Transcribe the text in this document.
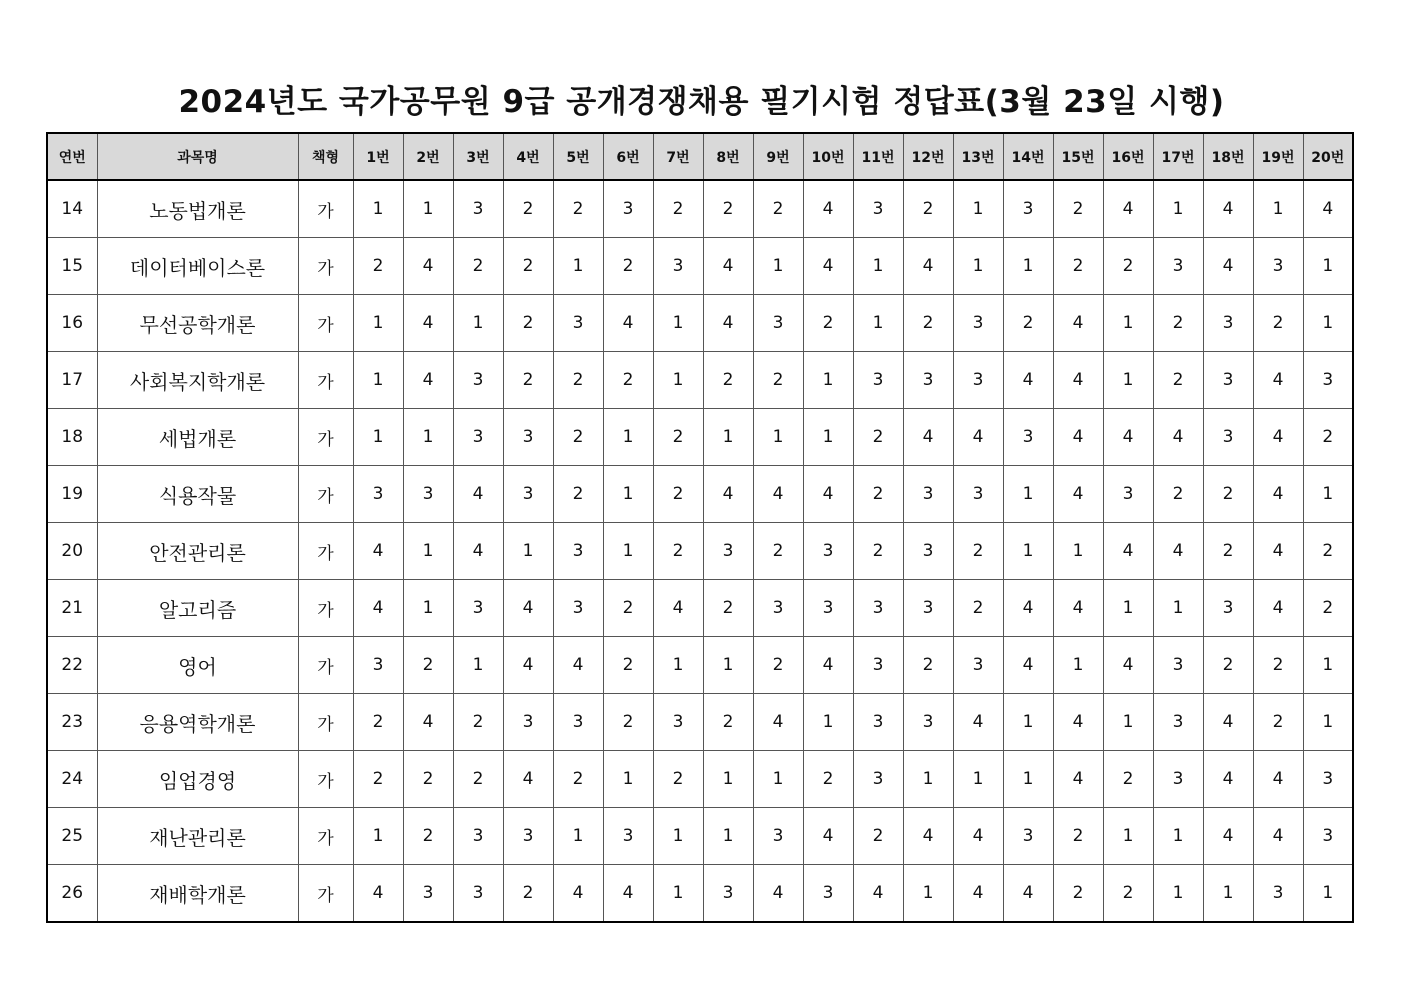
2024년도 국가공무원 9급 공개경쟁채용 필기시험 정답표(3월 23일 시행)
연번	과목명	책형	1번	2번	3번	4번	5번	6번	7번	8번	9번	10번	11번	12번	13번	14번	15번	16번	17번	18번	19번	20번
14	노동법개론	가	1	1	3	2	2	3	2	2	2	4	3	2	1	3	2	4	1	4	1	4
15	데이터베이스론	가	2	4	2	2	1	2	3	4	1	4	1	4	1	1	2	2	3	4	3	1
16	무선공학개론	가	1	4	1	2	3	4	1	4	3	2	1	2	3	2	4	1	2	3	2	1
17	사회복지학개론	가	1	4	3	2	2	2	1	2	2	1	3	3	3	4	4	1	2	3	4	3
18	세법개론	가	1	1	3	3	2	1	2	1	1	1	2	4	4	3	4	4	4	3	4	2
19	식용작물	가	3	3	4	3	2	1	2	4	4	4	2	3	3	1	4	3	2	2	4	1
20	안전관리론	가	4	1	4	1	3	1	2	3	2	3	2	3	2	1	1	4	4	2	4	2
21	알고리즘	가	4	1	3	4	3	2	4	2	3	3	3	3	2	4	4	1	1	3	4	2
22	영어	가	3	2	1	4	4	2	1	1	2	4	3	2	3	4	1	4	3	2	2	1
23	응용역학개론	가	2	4	2	3	3	2	3	2	4	1	3	3	4	1	4	1	3	4	2	1
24	임업경영	가	2	2	2	4	2	1	2	1	1	2	3	1	1	1	4	2	3	4	4	3
25	재난관리론	가	1	2	3	3	1	3	1	1	3	4	2	4	4	3	2	1	1	4	4	3
26	재배학개론	가	4	3	3	2	4	4	1	3	4	3	4	1	4	4	2	2	1	1	3	1
